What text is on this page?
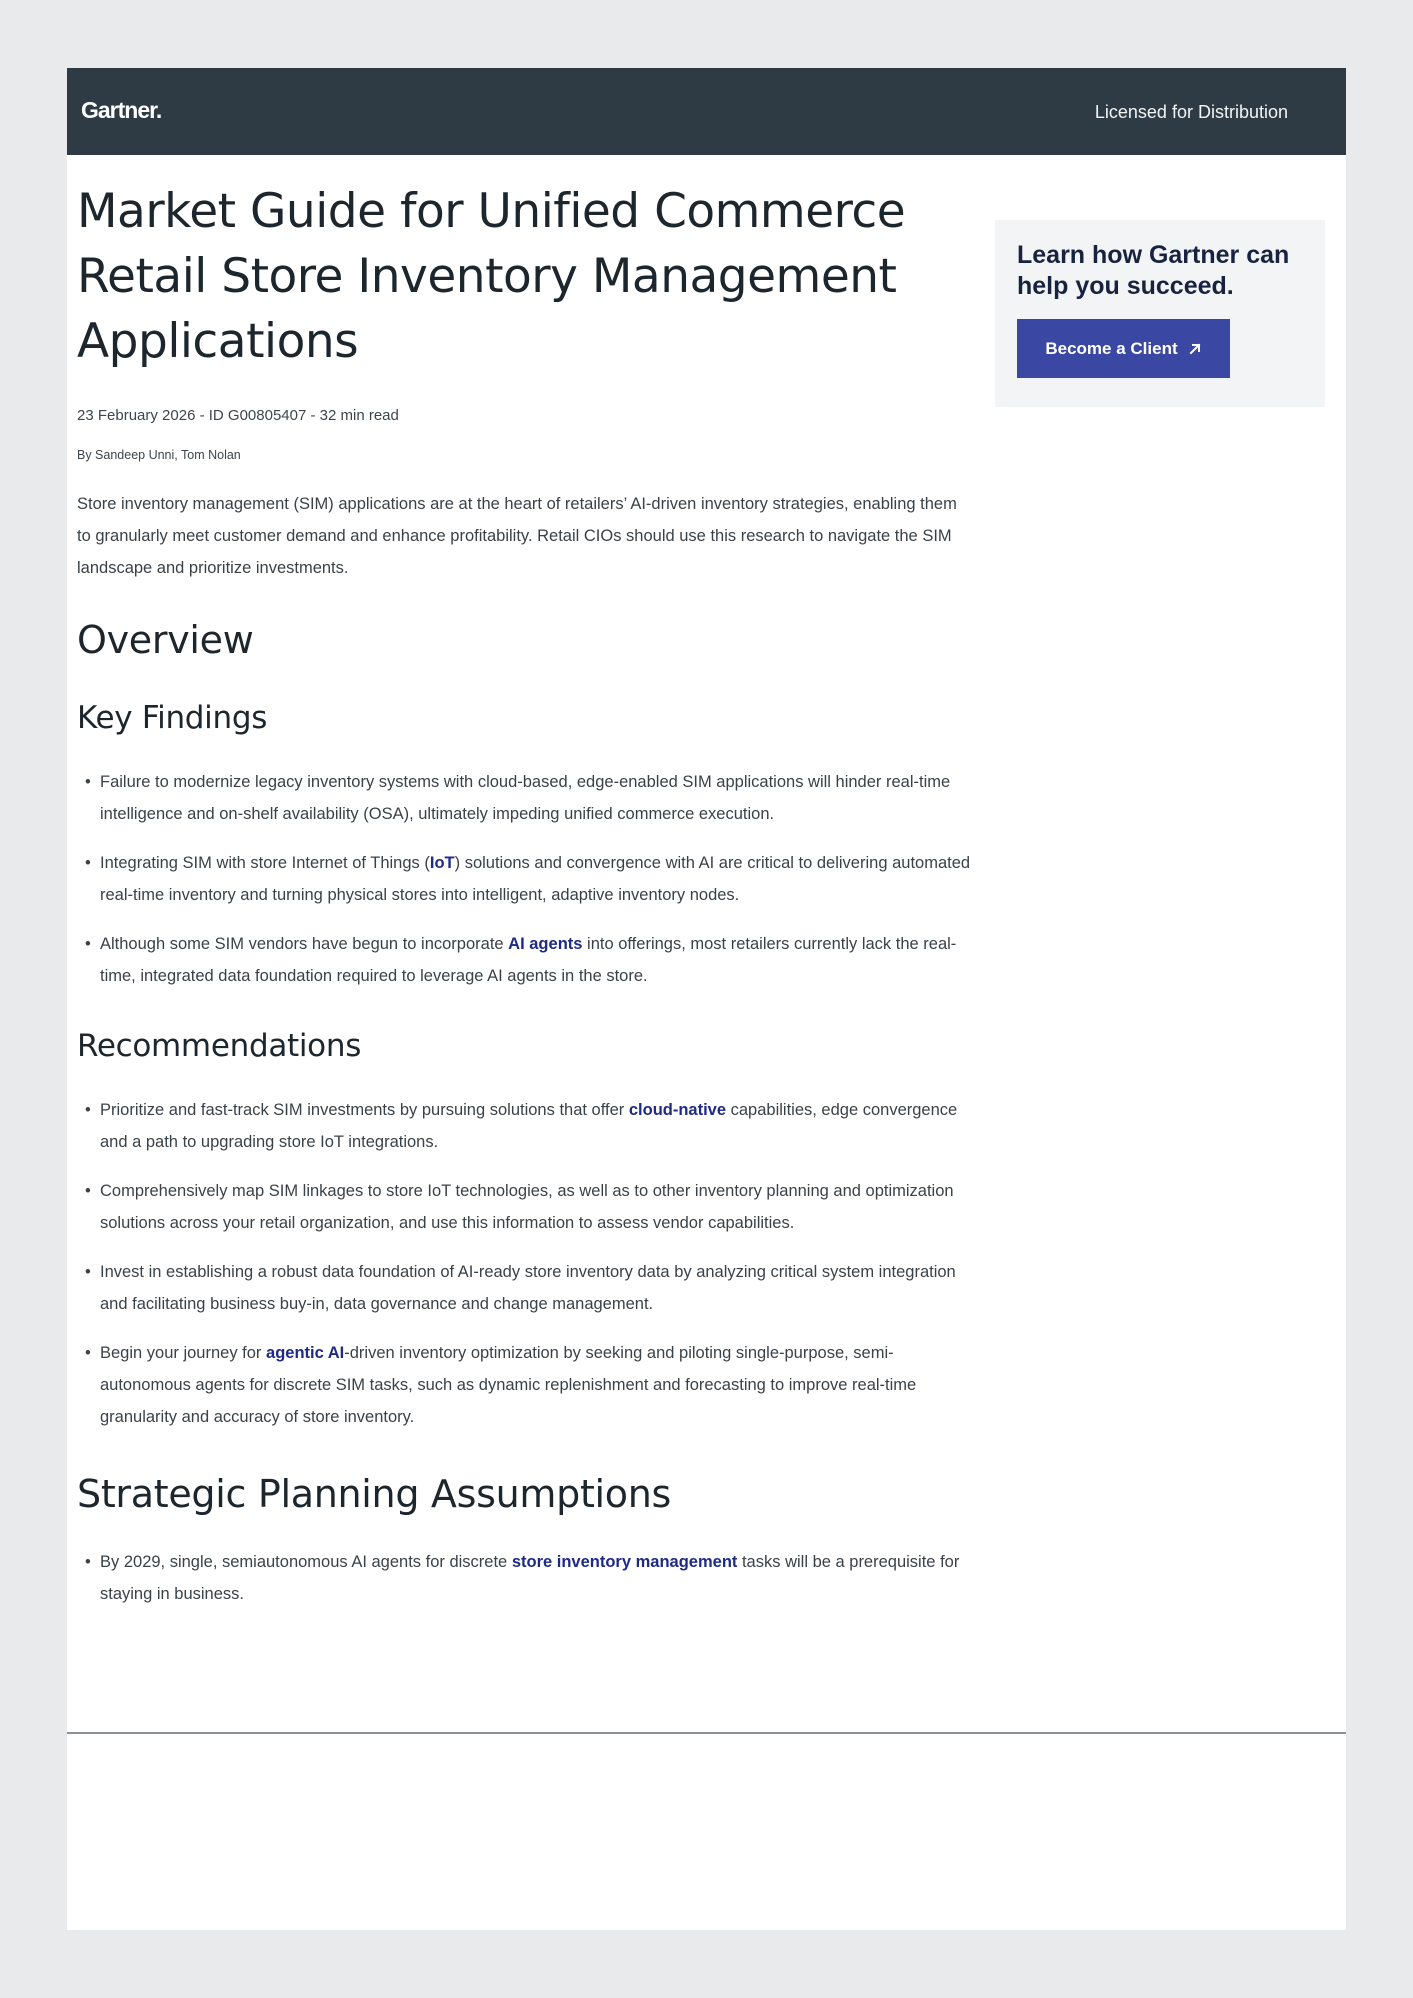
Gartner.	Licensed for Distribution
Market Guide for Unified Commerce Retail Store Inventory Management Applications
23 February 2026 - ID G00805407 - 32 min read
By Sandeep Unni, Tom Nolan

Store inventory management (SIM) applications are at the heart of retailers’ AI-driven inventory strategies, enabling them to granularly meet customer demand and enhance profitability. Retail CIOs should use this research to navigate the SIM landscape and prioritize investments.

Overview
Key Findings
• Failure to modernize legacy inventory systems with cloud-based, edge-enabled SIM applications will hinder real-time intelligence and on-shelf availability (OSA), ultimately impeding unified commerce execution.
• Integrating SIM with store Internet of Things (IoT) solutions and convergence with AI are critical to delivering automated real-time inventory and turning physical stores into intelligent, adaptive inventory nodes.
• Although some SIM vendors have begun to incorporate AI agents into offerings, most retailers currently lack the real-time, integrated data foundation required to leverage AI agents in the store.
Recommendations
• Prioritize and fast-track SIM investments by pursuing solutions that offer cloud-native capabilities, edge convergence and a path to upgrading store IoT integrations.
• Comprehensively map SIM linkages to store IoT technologies, as well as to other inventory planning and optimization solutions across your retail organization, and use this information to assess vendor capabilities.
• Invest in establishing a robust data foundation of AI-ready store inventory data by analyzing critical system integration and facilitating business buy-in, data governance and change management.
• Begin your journey for agentic AI-driven inventory optimization by seeking and piloting single-purpose, semi-autonomous agents for discrete SIM tasks, such as dynamic replenishment and forecasting to improve real-time granularity and accuracy of store inventory.
Strategic Planning Assumptions
• By 2029, single, semiautonomous AI agents for discrete store inventory management tasks will be a prerequisite for staying in business.
Learn how Gartner can help you succeed.
Become a Client
